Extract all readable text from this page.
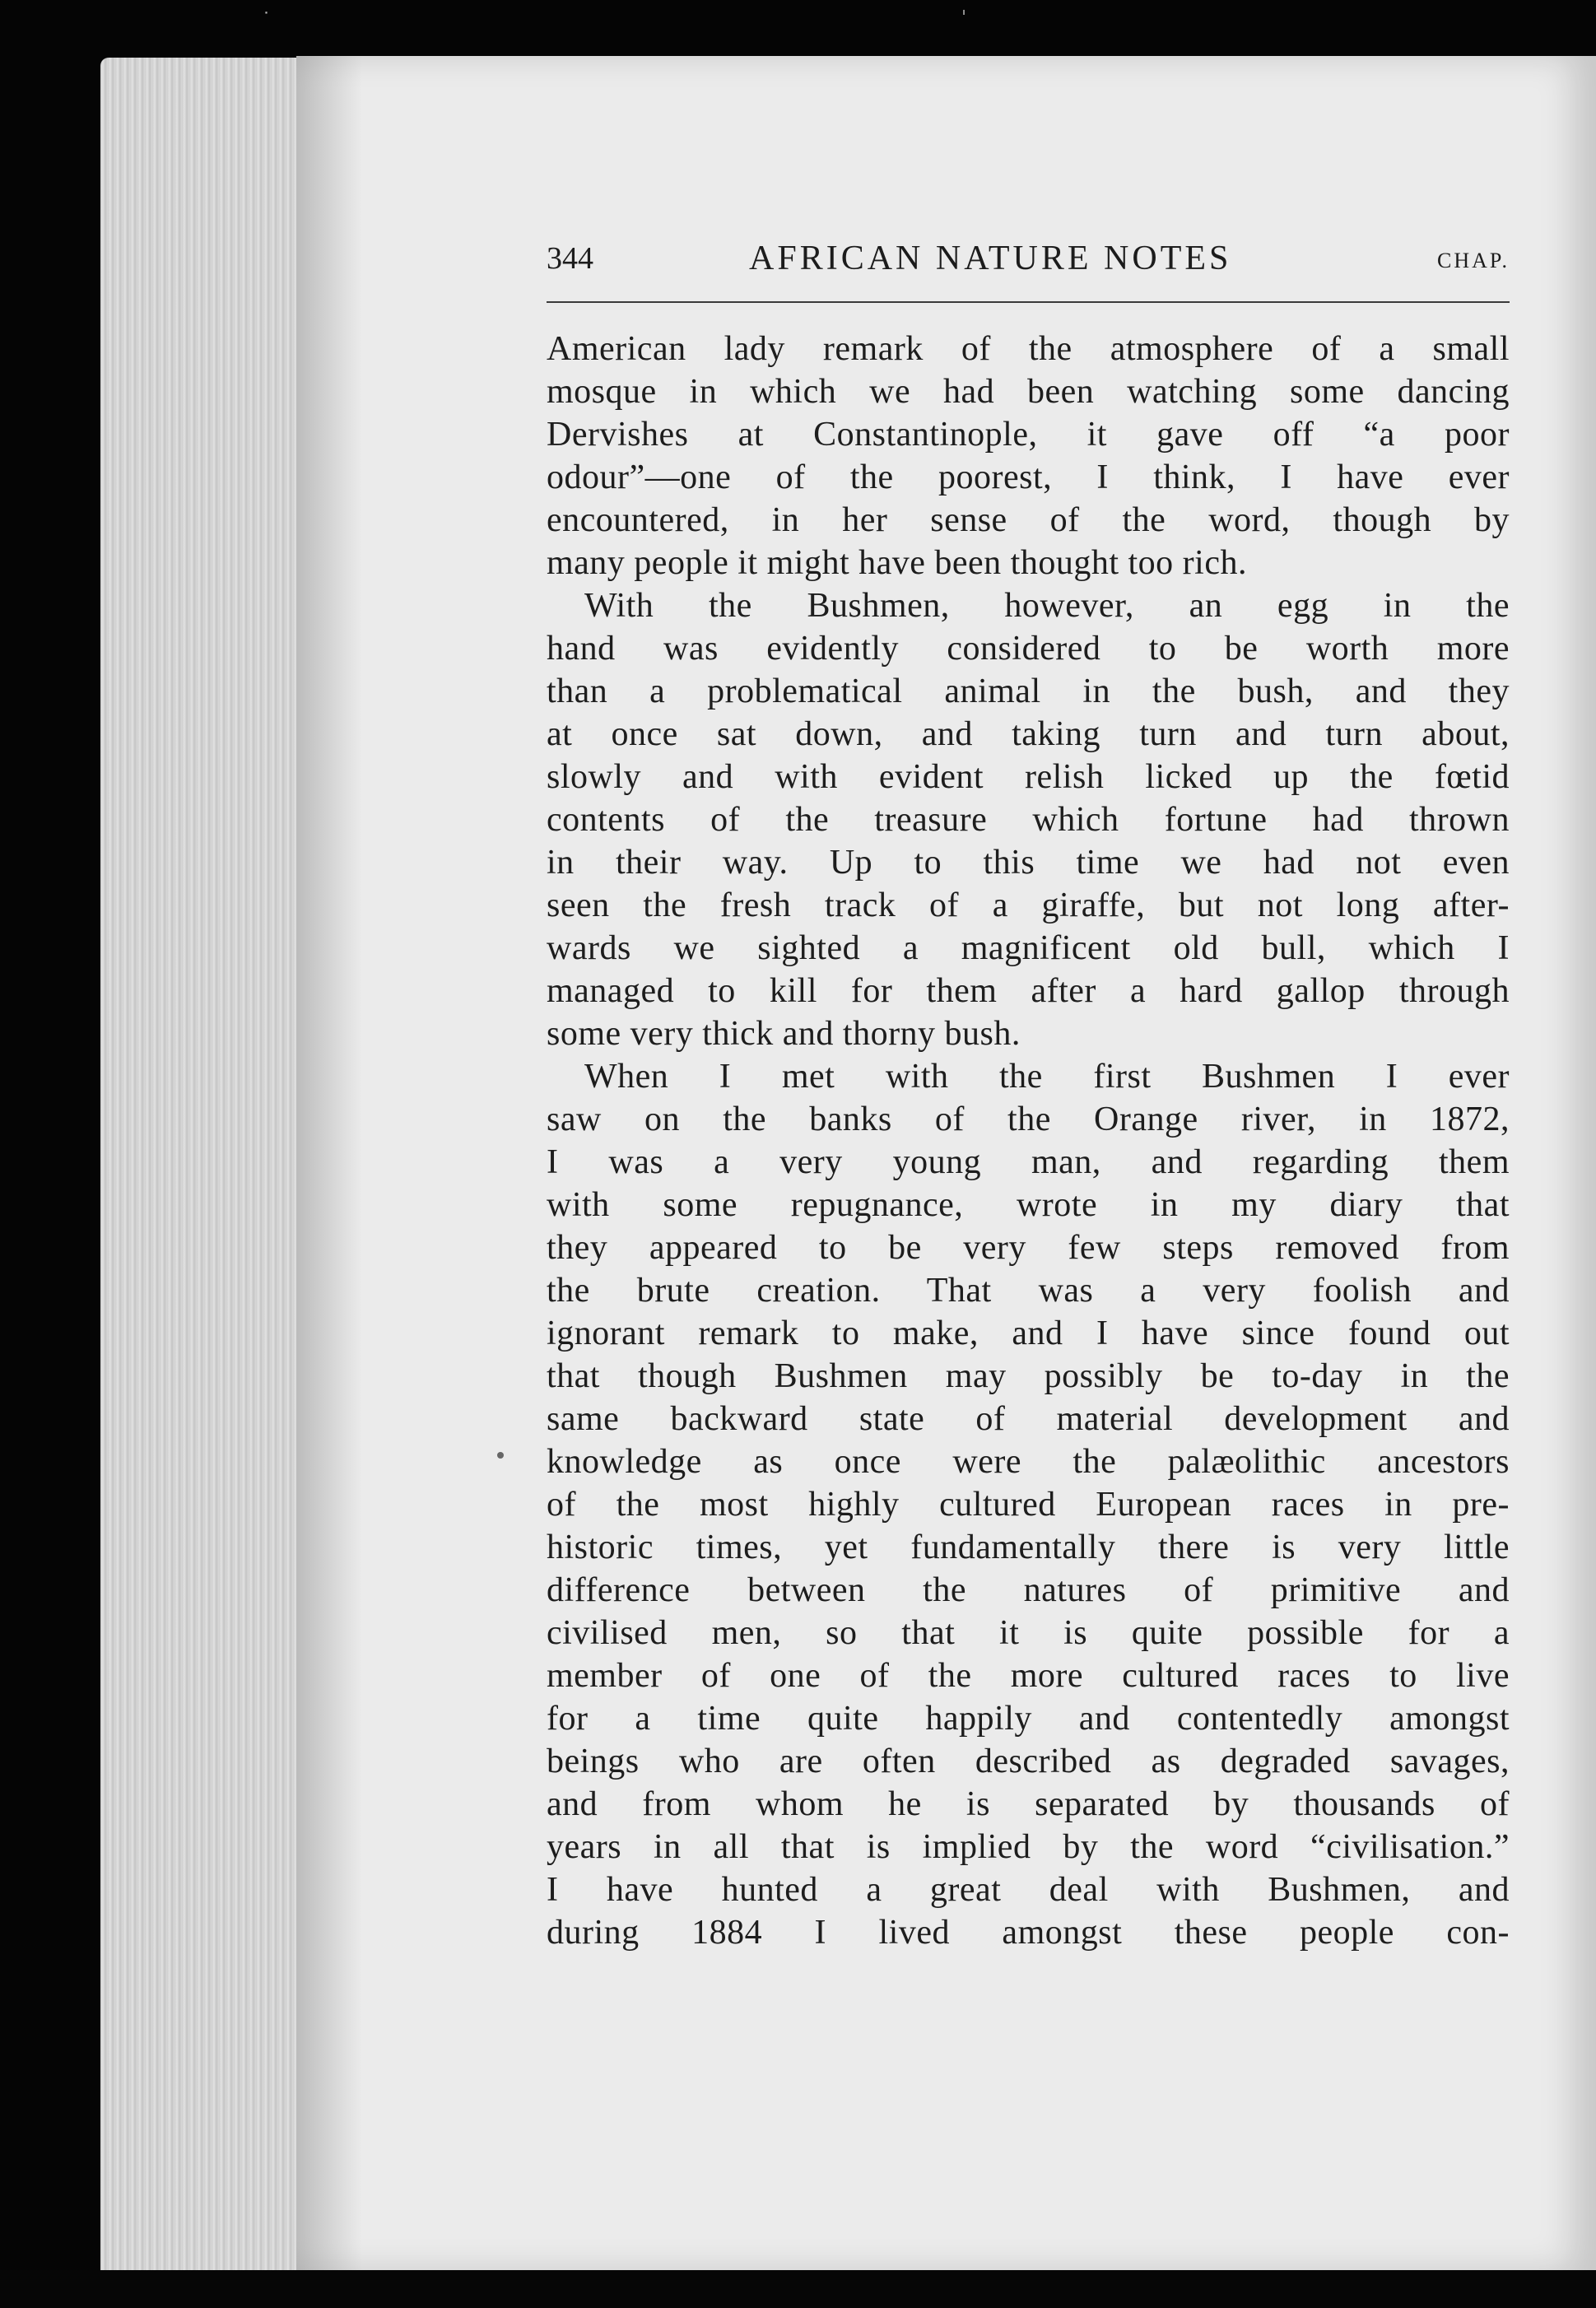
˙	ˈ
344	AFRICAN NATURE NOTES	CHAP.
American lady remark of the atmosphere of a small
mosque in which we had been watching some dancing
Dervishes at Constantinople, it gave off “a poor
odour”—one of the poorest, I think, I have ever
encountered, in her sense of the word, though by
many people it might have been thought too rich.
With the Bushmen, however, an egg in the
hand was evidently considered to be worth more
than a problematical animal in the bush, and they
at once sat down, and taking turn and turn about,
slowly and with evident relish licked up the fœtid
contents of the treasure which fortune had thrown
in their way. Up to this time we had not even
seen the fresh track of a giraffe, but not long after-
wards we sighted a magnificent old bull, which I
managed to kill for them after a hard gallop through
some very thick and thorny bush.
When I met with the first Bushmen I ever
saw on the banks of the Orange river, in 1872,
I was a very young man, and regarding them
with some repugnance, wrote in my diary that
they appeared to be very few steps removed from
the brute creation. That was a very foolish and
ignorant remark to make, and I have since found out
that though Bushmen may possibly be to-day in the
same backward state of material development and
knowledge as once were the palæolithic ancestors
of the most highly cultured European races in pre-
historic times, yet fundamentally there is very little
difference between the natures of primitive and
civilised men, so that it is quite possible for a
member of one of the more cultured races to live
for a time quite happily and contentedly amongst
beings who are often described as degraded savages,
and from whom he is separated by thousands of
years in all that is implied by the word “civilisation.”
I have hunted a great deal with Bushmen, and
during 1884 I lived amongst these people con-
